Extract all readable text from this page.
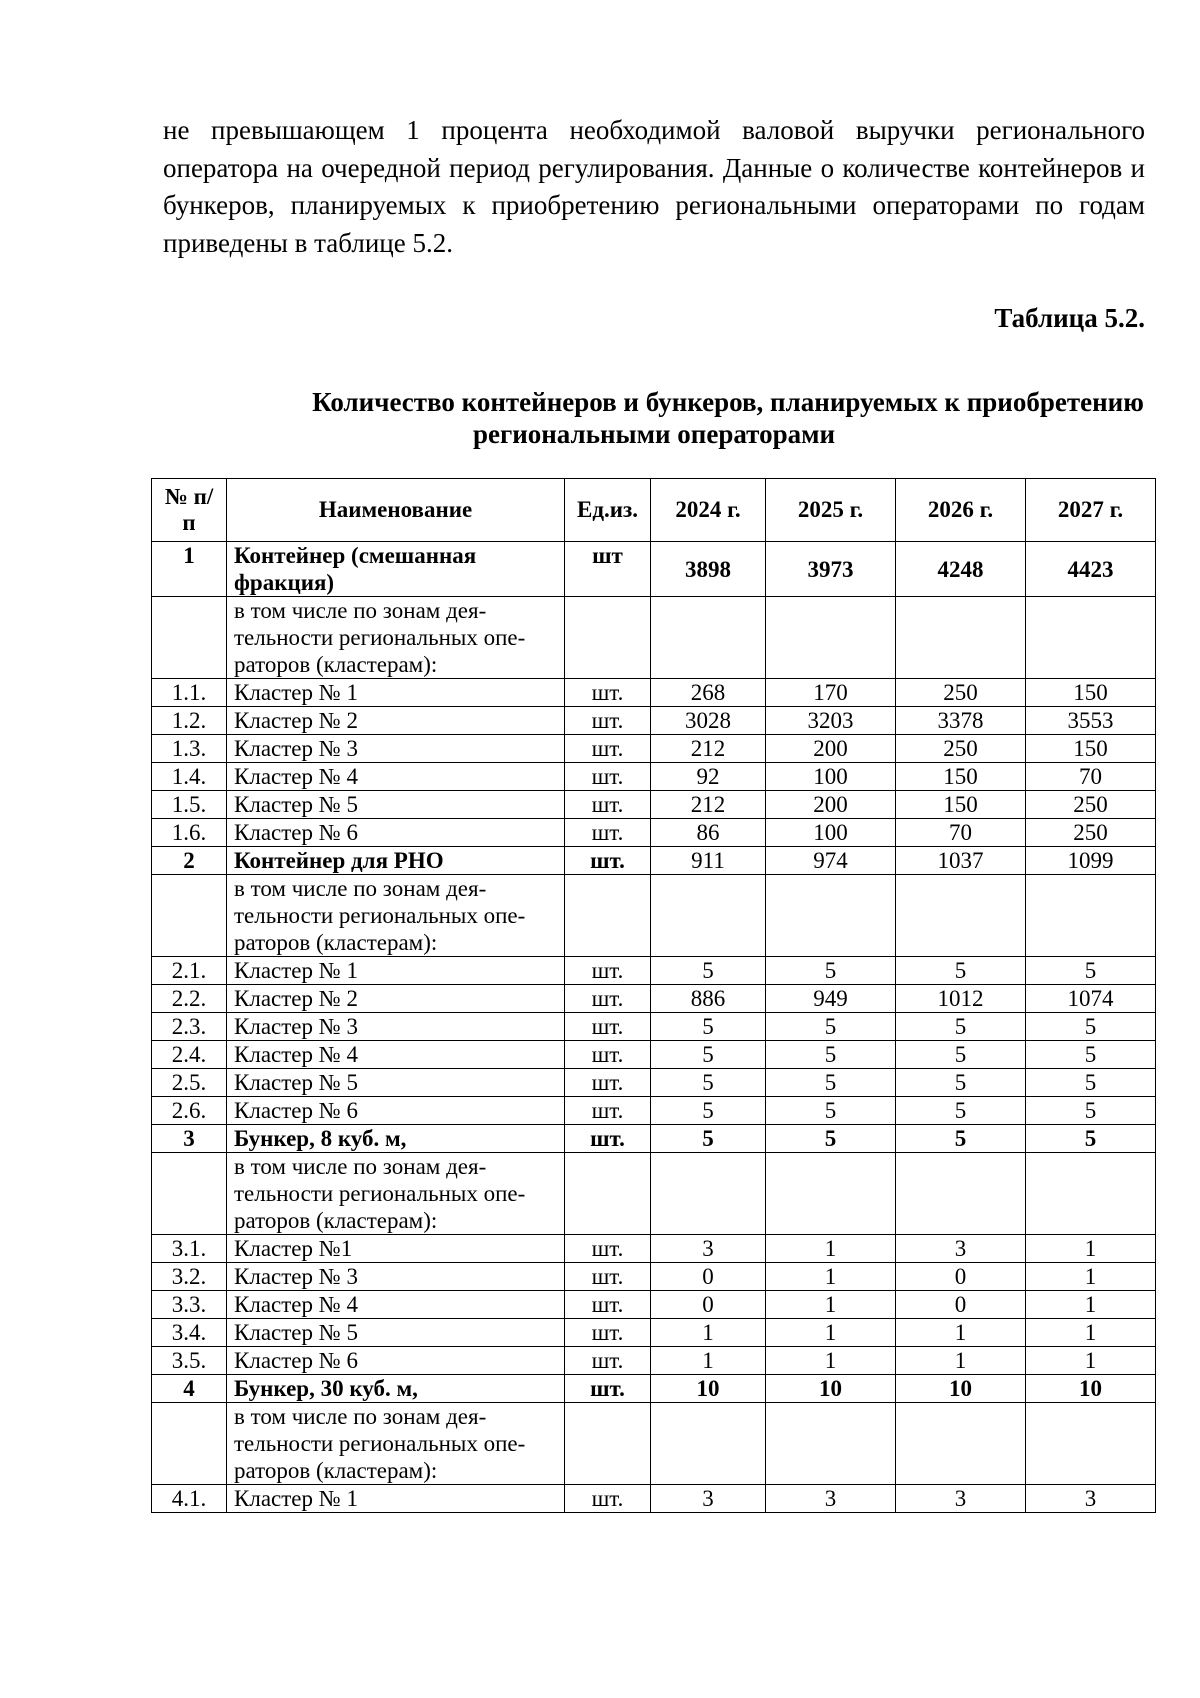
не превышающем 1 процента необходимой валовой выручки регионального оператора на очередной период регулирования. Данные о количестве контейнеров и бункеров, планируемых к приобретению региональными операторами по годам приведены в таблице 5.2.

Таблица 5.2.

Количество контейнеров и бункеров, планируемых к приобретению
региональными операторами

№ п/п	Наименование	Ед.из.	2024 г.	2025 г.	2026 г.	2027 г.
1	Контейнер (смешанная фракция)	шт	3898	3973	4248	4423
	в том числе по зонам дея-тельности региональных опе-раторов (кластерам):					
1.1.	Кластер № 1	шт.	268	170	250	150
1.2.	Кластер № 2	шт.	3028	3203	3378	3553
1.3.	Кластер № 3	шт.	212	200	250	150
1.4.	Кластер № 4	шт.	92	100	150	70
1.5.	Кластер № 5	шт.	212	200	150	250
1.6.	Кластер № 6	шт.	86	100	70	250
2	Контейнер для РНО	шт.	911	974	1037	1099
	в том числе по зонам дея-тельности региональных опе-раторов (кластерам):					
2.1.	Кластер № 1	шт.	5	5	5	5
2.2.	Кластер № 2	шт.	886	949	1012	1074
2.3.	Кластер № 3	шт.	5	5	5	5
2.4.	Кластер № 4	шт.	5	5	5	5
2.5.	Кластер № 5	шт.	5	5	5	5
2.6.	Кластер № 6	шт.	5	5	5	5
3	Бункер, 8 куб. м,	шт.	5	5	5	5
	в том числе по зонам дея-тельности региональных опе-раторов (кластерам):					
3.1.	Кластер №1	шт.	3	1	3	1
3.2.	Кластер № 3	шт.	0	1	0	1
3.3.	Кластер № 4	шт.	0	1	0	1
3.4.	Кластер № 5	шт.	1	1	1	1
3.5.	Кластер № 6	шт.	1	1	1	1
4	Бункер, 30 куб. м,	шт.	10	10	10	10
	в том числе по зонам дея-тельности региональных опе-раторов (кластерам):					
4.1.	Кластер № 1	шт.	3	3	3	3
